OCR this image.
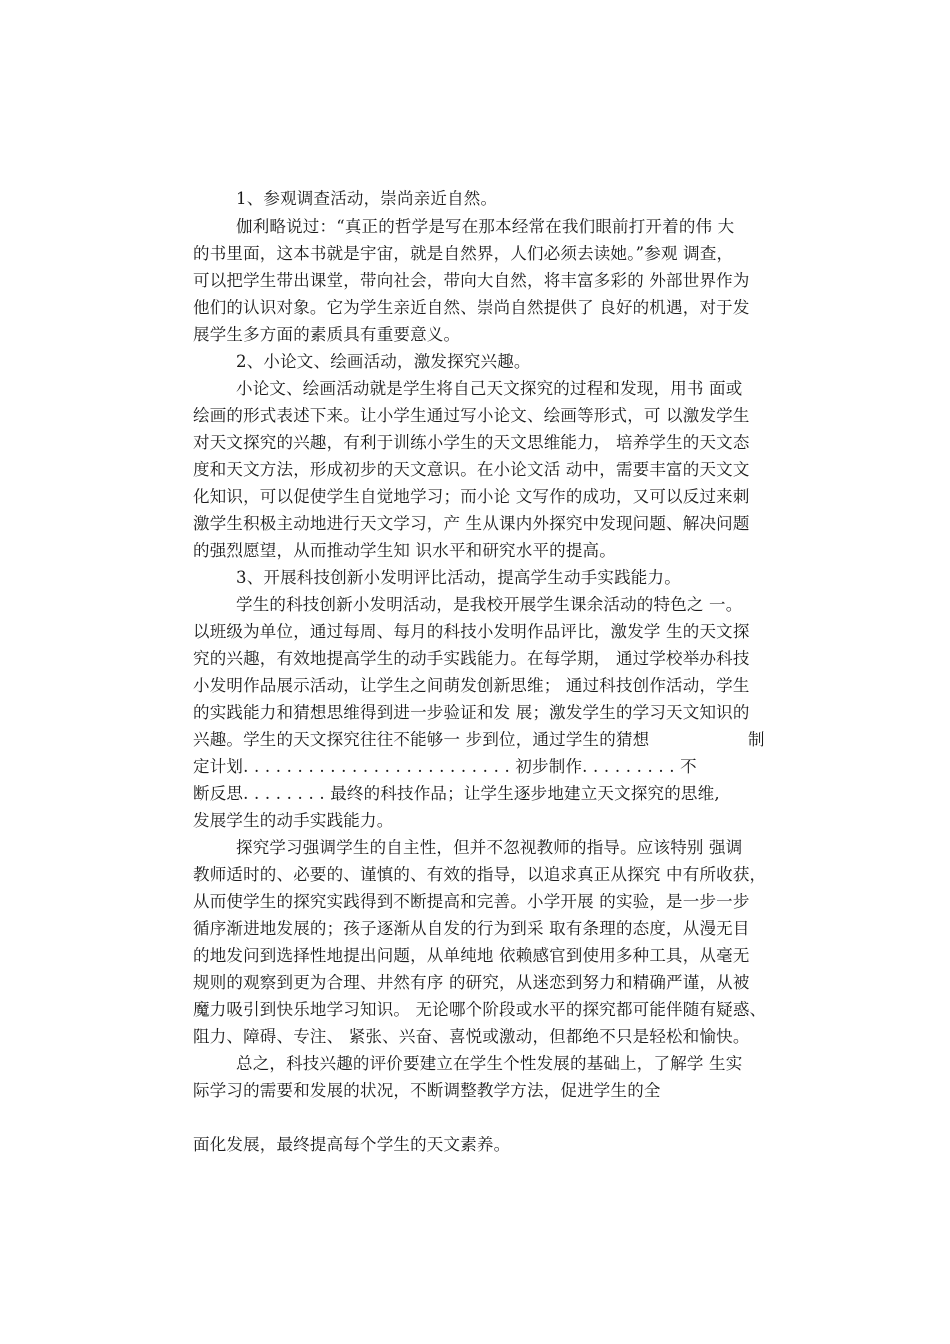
1、参观调查活动，崇尚亲近自然。
伽利略说过：“真正的哲学是写在那本经常在我们眼前打开着的伟 大
的书里面，这本书就是宇宙，就是自然界，人们必须去读她。”参观 调查，
可以把学生带出课堂，带向社会，带向大自然，将丰富多彩的 外部世界作为
他们的认识对象。它为学生亲近自然、崇尚自然提供了 良好的机遇，对于发
展学生多方面的素质具有重要意义。
2、小论文、绘画活动，激发探究兴趣。
小论文、绘画活动就是学生将自己天文探究的过程和发现，用书 面或
绘画的形式表述下来。让小学生通过写小论文、绘画等形式，可 以激发学生
对天文探究的兴趣，有利于训练小学生的天文思维能力， 培养学生的天文态
度和天文方法，形成初步的天文意识。在小论文活 动中，需要丰富的天文文
化知识，可以促使学生自觉地学习；而小论 文写作的成功，又可以反过来刺
激学生积极主动地进行天文学习，产 生从课内外探究中发现问题、解决问题
的强烈愿望，从而推动学生知 识水平和研究水平的提高。
3、开展科技创新小发明评比活动，提高学生动手实践能力。
学生的科技创新小发明活动，是我校开展学生课余活动的特色之 一。
以班级为单位，通过每周、每月的科技小发明作品评比，激发学 生的天文探
究的兴趣，有效地提高学生的动手实践能力。在每学期， 通过学校举办科技
小发明作品展示活动，让学生之间萌发创新思维； 通过科技创作活动，学生
的实践能力和猜想思维得到进一步验证和发 展；激发学生的学习天文知识的
兴趣。学生的天文探究往往不能够一 步到位，通过学生的猜想	制
定计划. . . . . . . . . . . . . . . . . . . . . . . . . 初步制作. . . . . . . . . 不
断反思. . . . . . . . 最终的科技作品；让学生逐步地建立天文探究的思维,
发展学生的动手实践能力。
探究学习强调学生的自主性，但并不忽视教师的指导。应该特别 强调
教师适时的、必要的、谨慎的、有效的指导，以追求真正从探究 中有所收获，
从而使学生的探究实践得到不断提高和完善。小学开展 的实验，是一步一步
循序渐进地发展的；孩子逐渐从自发的行为到采 取有条理的态度，从漫无目
的地发问到选择性地提出问题，从单纯地 依赖感官到使用多种工具，从毫无
规则的观察到更为合理、井然有序 的研究，从迷恋到努力和精确严谨，从被
魔力吸引到快乐地学习知识。 无论哪个阶段或水平的探究都可能伴随有疑惑、
阻力、障碍、专注、 紧张、兴奋、喜悦或激动，但都绝不只是轻松和愉快。
总之，科技兴趣的评价要建立在学生个性发展的基础上，了解学 生实
际学习的需要和发展的状况，不断调整教学方法，促进学生的全
面化发展，最终提高每个学生的天文素养。
